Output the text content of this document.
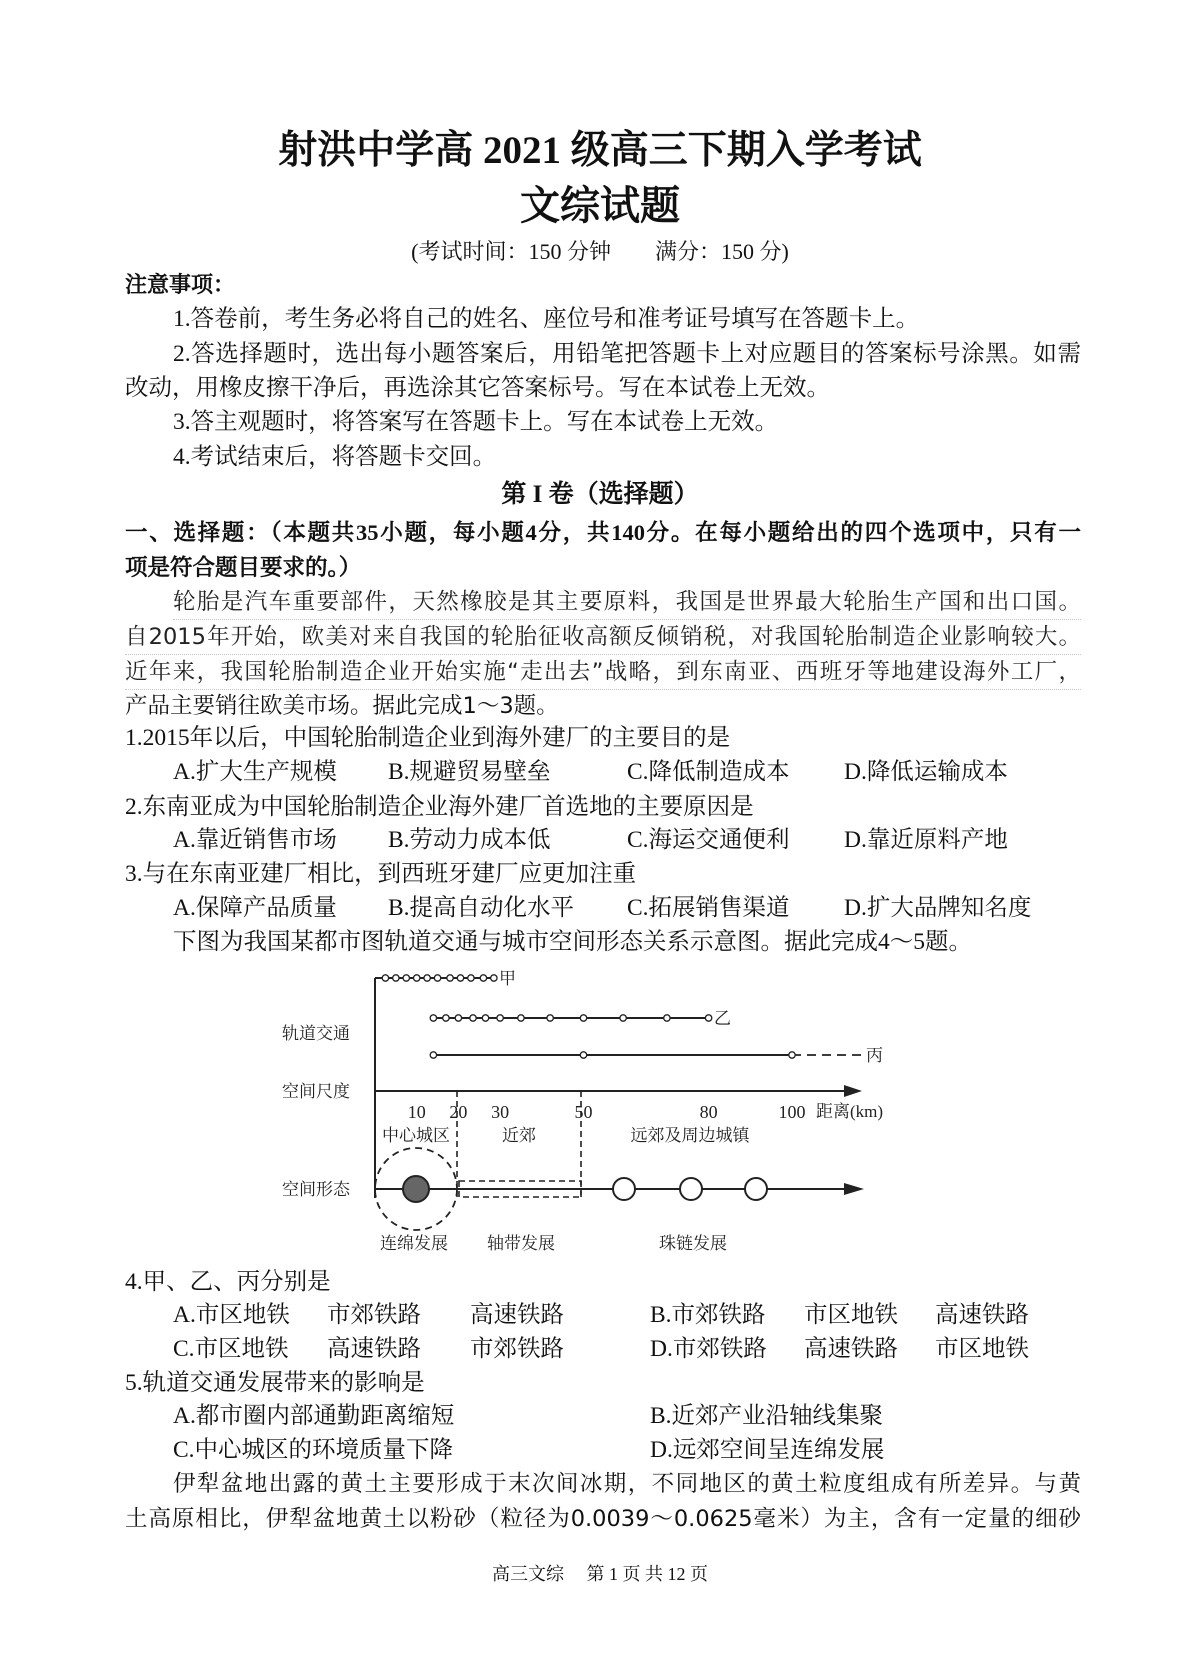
射洪中学高 2021 级高三下期入学考试
文综试题
(考试时间：150 分钟　　满分：150 分)
注意事项：
1.答卷前，考生务必将自己的姓名、座位号和准考证号填写在答题卡上。
2.答选择题时，选出每小题答案后，用铅笔把答题卡上对应题目的答案标号涂黑。如需
改动，用橡皮擦干净后，再选涂其它答案标号。写在本试卷上无效。
3.答主观题时，将答案写在答题卡上。写在本试卷上无效。
4.考试结束后，将答题卡交回。
第 I 卷（选择题）
一、选择题：（本题共35小题，每小题4分，共140分。在每小题给出的四个选项中，只有一
项是符合题目要求的。）
轮胎是汽车重要部件，天然橡胶是其主要原料，我国是世界最大轮胎生产国和出口国。
自2015年开始，欧美对来自我国的轮胎征收高额反倾销税，对我国轮胎制造企业影响较大。
近年来，我国轮胎制造企业开始实施“走出去”战略，到东南亚、西班牙等地建设海外工厂，
产品主要销往欧美市场。据此完成1～3题。
1.2015年以后，中国轮胎制造企业到海外建厂的主要目的是
A.扩大生产规模 B.规避贸易壁垒	C.降低制造成本 D.降低运输成本
2.东南亚成为中国轮胎制造企业海外建厂首选地的主要原因是
A.靠近销售市场 B.劳动力成本低	C.海运交通便利 D.靠近原料产地
3.与在东南亚建厂相比，到西班牙建厂应更加注重
A.保障产品质量 B.提高自动化水平 C.拓展销售渠道 D.扩大品牌知名度
下图为我国某都市图轨道交通与城市空间形态关系示意图。据此完成4～5题。
轨道交通
空间尺度
空间形态
甲
乙
丙
10 20 30	50	80	100 距离(km)
中心城区	近郊	远郊及周边城镇
连绵发展 轴带发展	珠链发展
4.甲、乙、丙分别是
A.市区地铁 市郊铁路 高速铁路	B.市郊铁路 市区地铁 高速铁路
C.市区地铁 高速铁路 市郊铁路	D.市郊铁路 高速铁路 市区地铁
5.轨道交通发展带来的影响是
A.都市圈内部通勤距离缩短	B.近郊产业沿轴线集聚
C.中心城区的环境质量下降	D.远郊空间呈连绵发展
伊犁盆地出露的黄土主要形成于末次间冰期，不同地区的黄土粒度组成有所差异。与黄
土高原相比，伊犁盆地黄土以粉砂（粒径为0.0039～0.0625毫米）为主，含有一定量的细砂
高三文综　 第 1 页 共 12 页
